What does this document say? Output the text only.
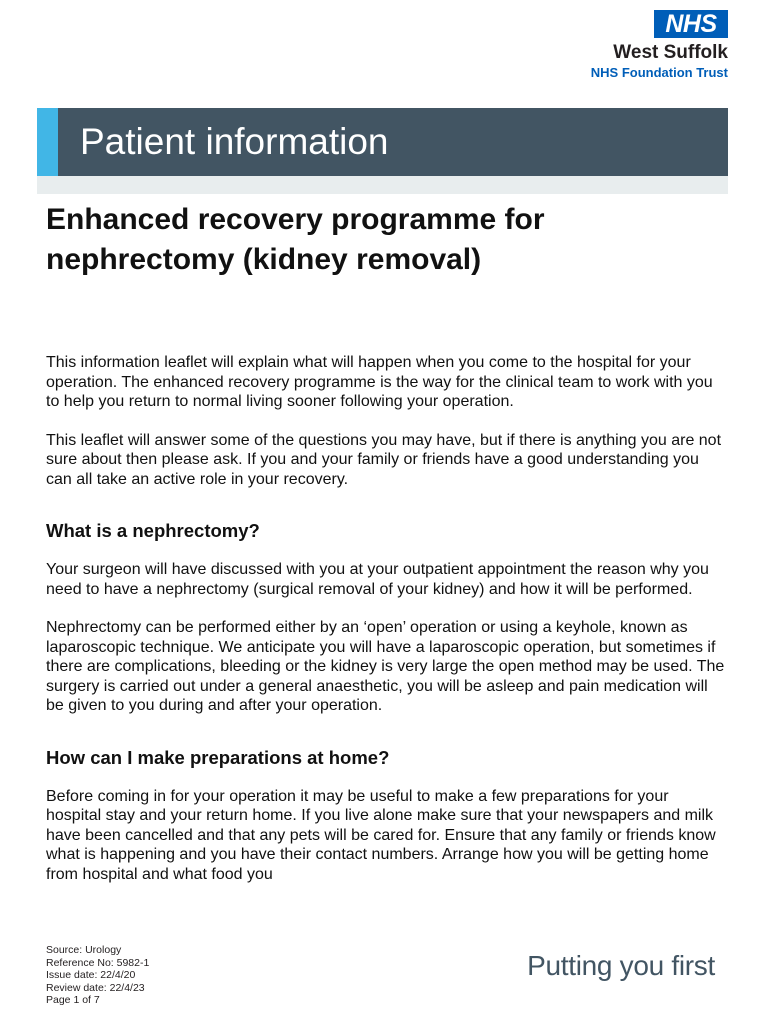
NHS
West Suffolk
NHS Foundation Trust
Patient information
Enhanced recovery programme for
nephrectomy (kidney removal)

This information leaflet will explain what will happen when you come to the hospital for your operation. The enhanced recovery programme is the way for the clinical team to work with you to help you return to normal living sooner following your operation.

This leaflet will answer some of the questions you may have, but if there is anything you are not sure about then please ask. If you and your family or friends have a good understanding you can all take an active role in your recovery.

What is a nephrectomy?

Your surgeon will have discussed with you at your outpatient appointment the reason why you need to have a nephrectomy (surgical removal of your kidney) and how it will be performed.

Nephrectomy can be performed either by an ‘open’ operation or using a keyhole, known as laparoscopic technique. We anticipate you will have a laparoscopic operation, but sometimes if there are complications, bleeding or the kidney is very large the open method may be used. The surgery is carried out under a general anaesthetic, you will be asleep and pain medication will be given to you during and after your operation.

How can I make preparations at home?

Before coming in for your operation it may be useful to make a few preparations for your hospital stay and your return home. If you live alone make sure that your newspapers and milk have been cancelled and that any pets will be cared for. Ensure that any family or friends know what is happening and you have their contact numbers. Arrange how you will be getting home from hospital and what food you

Source: Urology
Reference No: 5982-1
Issue date: 22/4/20
Review date: 22/4/23
Page 1 of 7
Putting you first
